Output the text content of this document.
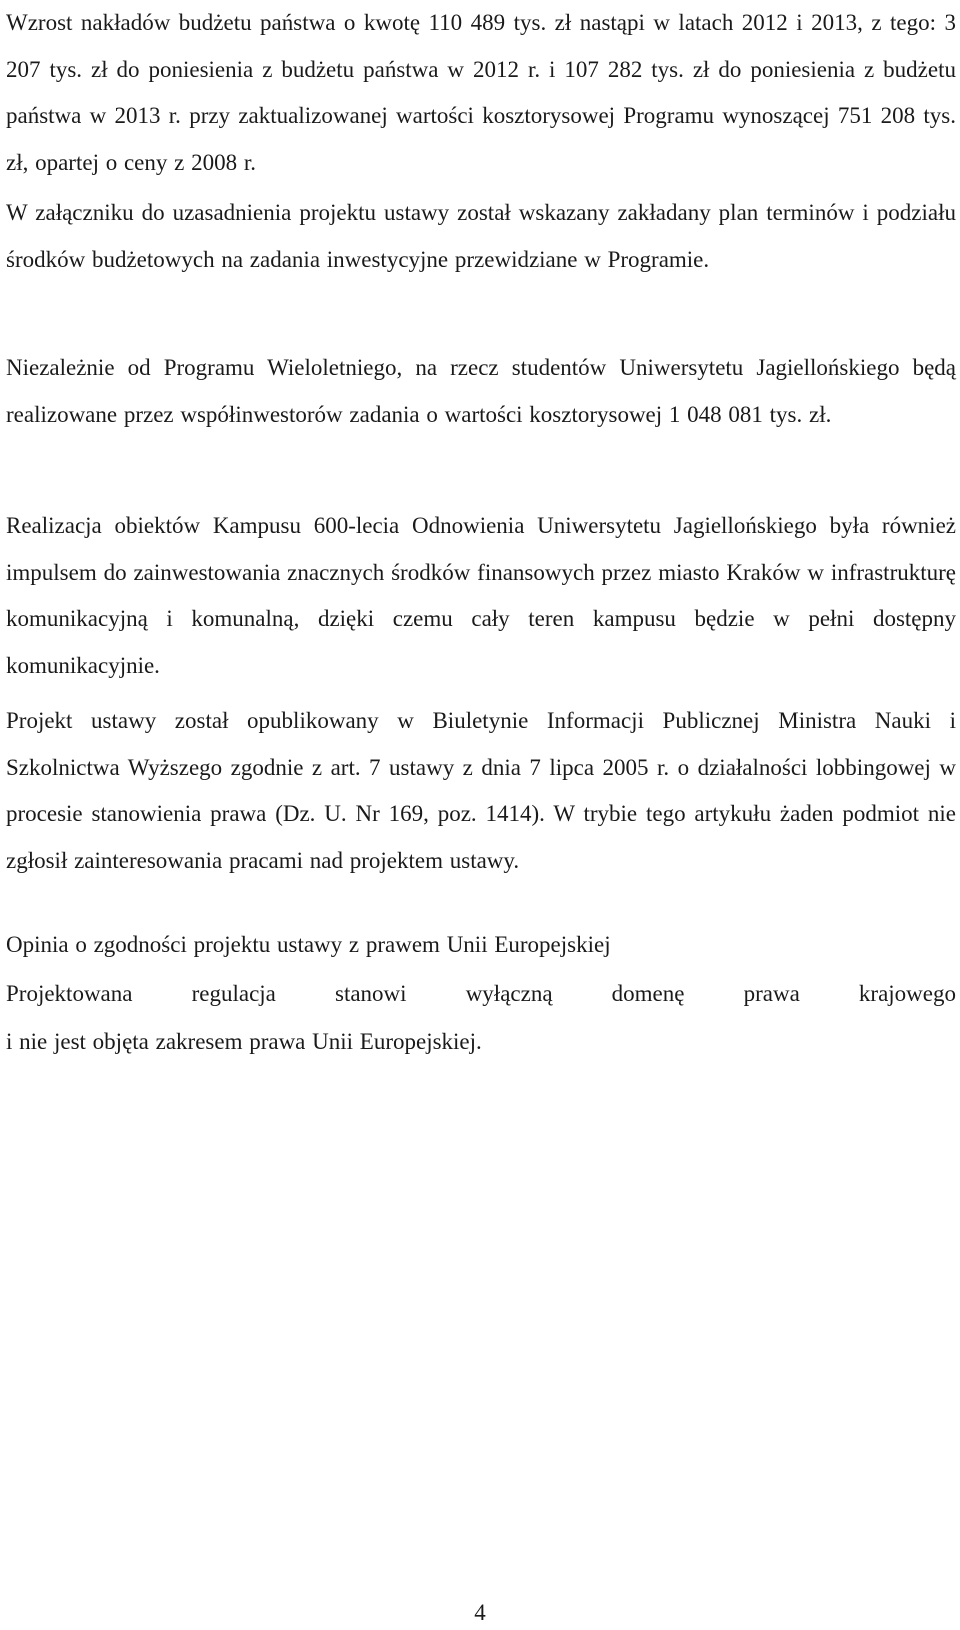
Wzrost nakładów budżetu państwa o kwotę 110 489 tys. zł nastąpi w latach 2012 i 2013, z tego: 3 207 tys. zł do poniesienia z budżetu państwa w 2012 r. i 107 282 tys. zł do poniesienia z budżetu państwa w 2013 r. przy zaktualizowanej wartości kosztorysowej Programu wynoszącej 751 208 tys. zł, opartej o ceny z 2008 r.

W załączniku do uzasadnienia projektu ustawy został wskazany zakładany plan terminów i podziału środków budżetowych na zadania inwestycyjne przewidziane w Programie.

Niezależnie od Programu Wieloletniego, na rzecz studentów Uniwersytetu Jagiellońskiego będą realizowane przez współinwestorów zadania o wartości kosztorysowej 1 048 081 tys. zł.

Realizacja obiektów Kampusu 600-lecia Odnowienia Uniwersytetu Jagiellońskiego była również impulsem do zainwestowania znacznych środków finansowych przez miasto Kraków w infrastrukturę komunikacyjną i komunalną, dzięki czemu cały teren kampusu będzie w pełni dostępny komunikacyjnie.

Projekt ustawy został opublikowany w Biuletynie Informacji Publicznej Ministra Nauki i Szkolnictwa Wyższego zgodnie z art. 7 ustawy z dnia 7 lipca 2005 r. o działalności lobbingowej w procesie stanowienia prawa (Dz. U. Nr 169, poz. 1414). W trybie tego artykułu żaden podmiot nie zgłosił zainteresowania pracami nad projektem ustawy.

Opinia o zgodności projektu ustawy z prawem Unii Europejskiej

Projektowana regulacja stanowi wyłączną domenę prawa krajowego

i nie jest objęta zakresem prawa Unii Europejskiej.

4
